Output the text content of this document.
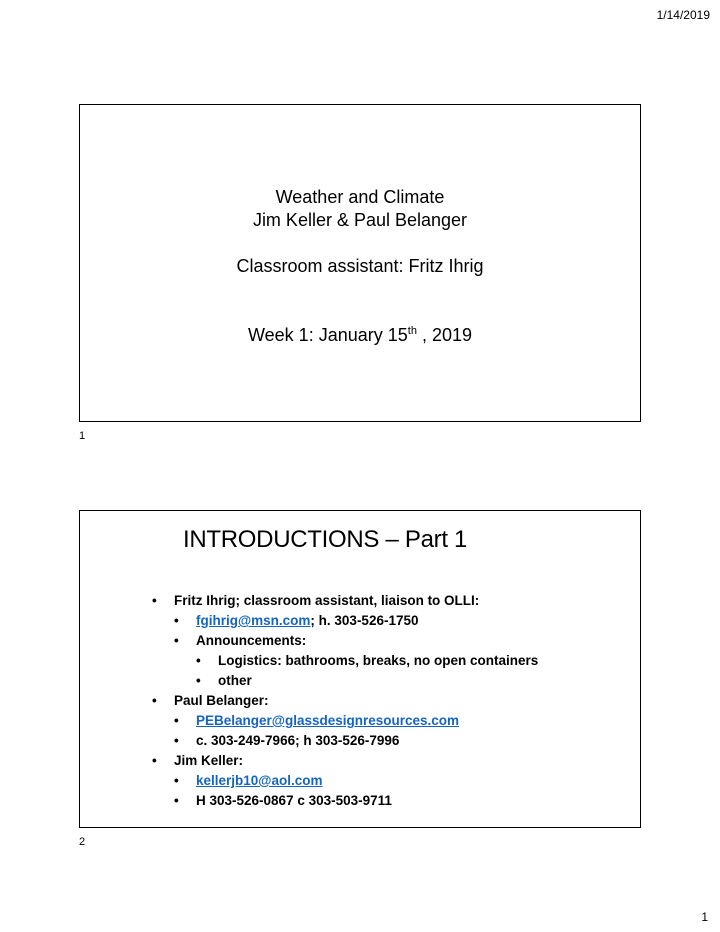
1/14/2019
Weather and Climate
Jim Keller & Paul Belanger
Classroom assistant: Fritz Ihrig
Week 1: January 15th , 2019
1
INTRODUCTIONS – Part 1
•	Fritz Ihrig; classroom assistant, liaison to OLLI:
•	fgihrig@msn.com ; h. 303-526-1750
•	Announcements:
•	Logistics: bathrooms, breaks, no open containers
•	other
•	Paul Belanger:
•	PEBelanger@glassdesignresources.com
•	c. 303-249-7966; h 303-526-7996
•	Jim Keller:
•	kellerjb10@aol.com
•	H 303-526-0867 c 303-503-9711
2
1
